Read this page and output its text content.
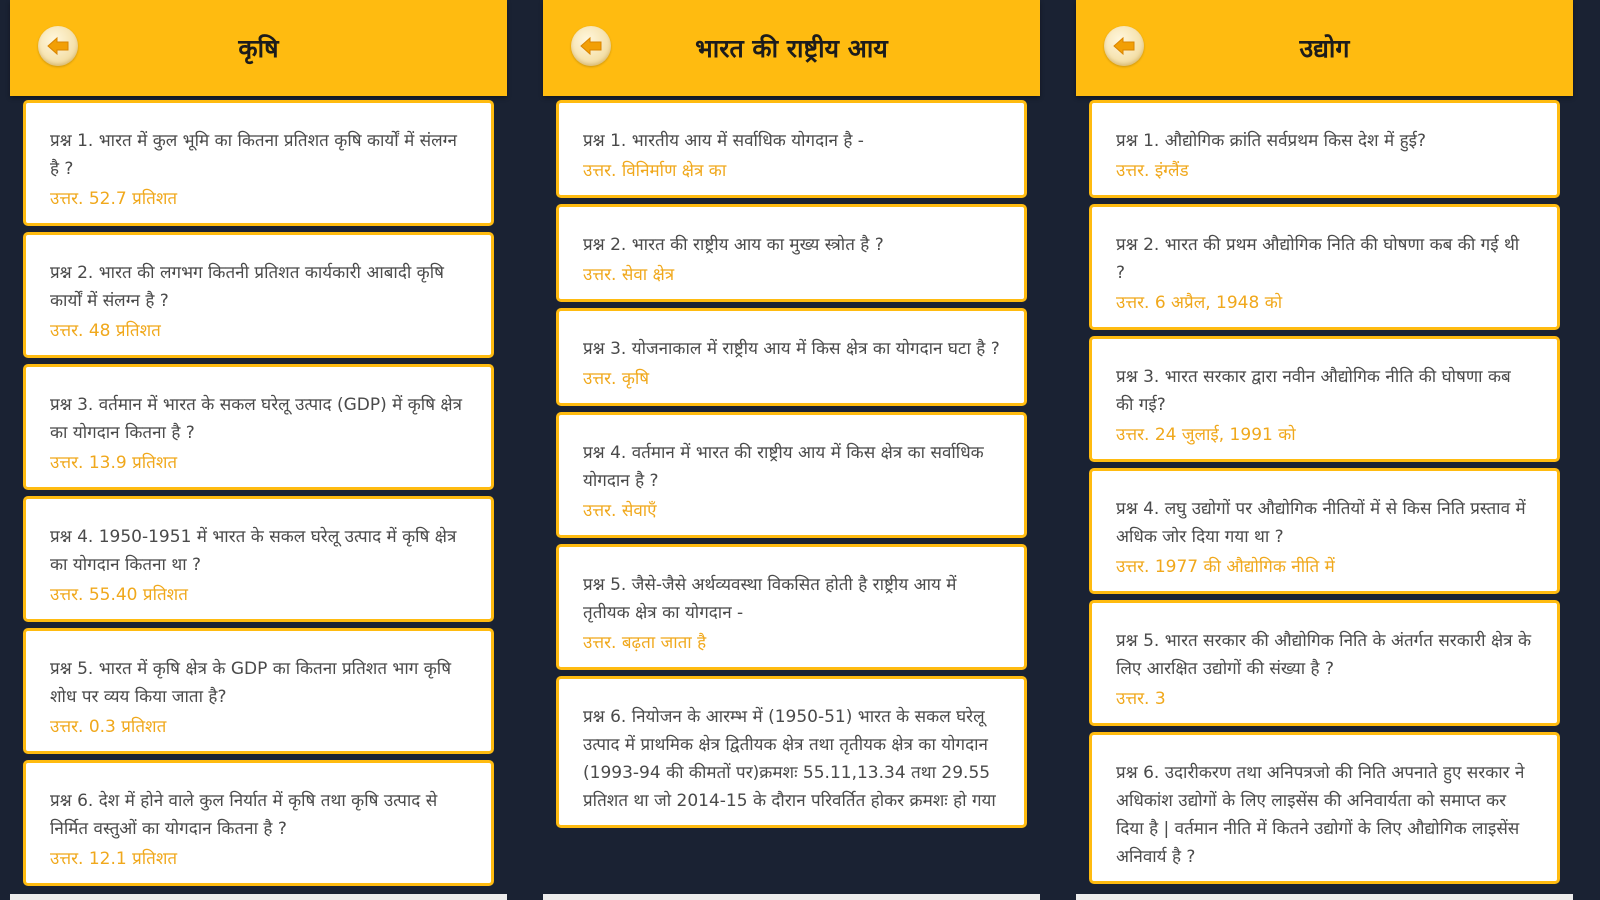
कृषि

प्रश्न 1. भारत में कुल भूमि का कितना प्रतिशत कृषि कार्यों में संलग्न है ?

उत्तर. 52.7 प्रतिशत

प्रश्न 2. भारत की लगभग कितनी प्रतिशत कार्यकारी आबादी कृषि कार्यों में संलग्न है ?

उत्तर. 48 प्रतिशत

प्रश्न 3. वर्तमान में भारत के सकल घरेलू उत्पाद (GDP) में कृषि क्षेत्र का योगदान कितना है ?

उत्तर. 13.9 प्रतिशत

प्रश्न 4. 1950-1951 में भारत के सकल घरेलू उत्पाद में कृषि क्षेत्र का योगदान कितना था ?

उत्तर. 55.40 प्रतिशत

प्रश्न 5. भारत में कृषि क्षेत्र के GDP का कितना प्रतिशत भाग कृषि शोध पर व्यय किया जाता है?

उत्तर. 0.3 प्रतिशत

प्रश्न 6. देश में होने वाले कुल निर्यात में कृषि तथा कृषि उत्पाद से निर्मित वस्तुओं का योगदान कितना है ?

उत्तर. 12.1 प्रतिशत

भारत की राष्ट्रीय आय

प्रश्न 1. भारतीय आय में सर्वाधिक योगदान है -

उत्तर. विनिर्माण क्षेत्र का

प्रश्न 2. भारत की राष्ट्रीय आय का मुख्य स्त्रोत है ?

उत्तर. सेवा क्षेत्र

प्रश्न 3. योजनाकाल में राष्ट्रीय आय में किस क्षेत्र का योगदान घटा है ?

उत्तर. कृषि

प्रश्न 4. वर्तमान में भारत की राष्ट्रीय आय में किस क्षेत्र का सर्वाधिक योगदान है ?

उत्तर. सेवाएँ

प्रश्न 5. जैसे-जैसे अर्थव्यवस्था विकसित होती है राष्ट्रीय आय में तृतीयक क्षेत्र का योगदान -

उत्तर. बढ़ता जाता है

प्रश्न 6. नियोजन के आरम्भ में (1950-51) भारत के सकल घरेलू उत्पाद में प्राथमिक क्षेत्र द्वितीयक क्षेत्र तथा तृतीयक क्षेत्र का योगदान (1993-94 की कीमतों पर)क्रमशः 55.11,13.34 तथा 29.55 प्रतिशत था जो 2014-15 के दौरान परिवर्तित होकर क्रमशः हो गया

उद्योग

प्रश्न 1. औद्योगिक क्रांति सर्वप्रथम किस देश में हुई?

उत्तर. इंग्लैंड

प्रश्न 2. भारत की प्रथम औद्योगिक निति की घोषणा कब की गई थी ?

उत्तर. 6 अप्रैल, 1948 को

प्रश्न 3. भारत सरकार द्वारा नवीन औद्योगिक नीति की घोषणा कब की गई?

उत्तर. 24 जुलाई, 1991 को

प्रश्न 4. लघु उद्योगों पर औद्योगिक नीतियों में से किस निति प्रस्ताव में अधिक जोर दिया गया था ?

उत्तर. 1977 की औद्योगिक नीति में

प्रश्न 5. भारत सरकार की औद्योगिक निति के अंतर्गत सरकारी क्षेत्र के लिए आरक्षित उद्योगों की संख्या है ?

उत्तर. 3

प्रश्न 6. उदारीकरण तथा अनिपत्रजो की निति अपनाते हुए सरकार ने अधिकांश उद्योगों के लिए लाइसेंस की अनिवार्यता को समाप्त कर दिया है | वर्तमान नीति में कितने उद्योगों के लिए औद्योगिक लाइसेंस अनिवार्य है ?
